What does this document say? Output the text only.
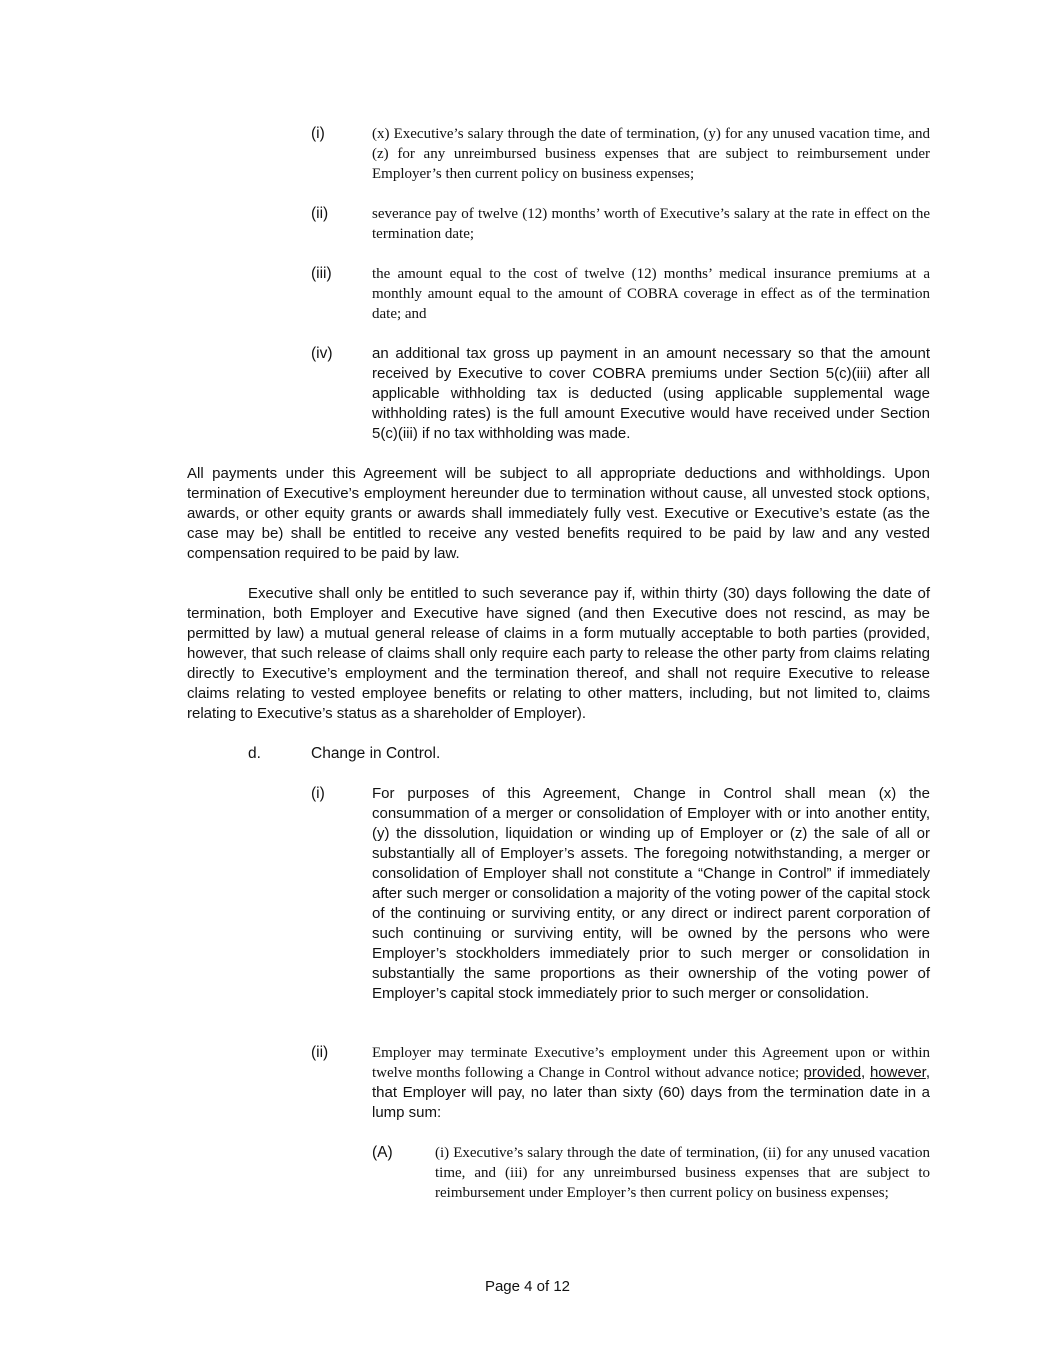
(i)	(x) Executive’s salary through the date of termination, (y) for any unused vacation time, and (z) for any unreimbursed business expenses that are subject to reimbursement under Employer’s then current policy on business expenses;
(ii)	severance pay of twelve (12) months’ worth of Executive’s salary at the rate in effect on the termination date;
(iii)	the amount equal to the cost of twelve (12) months’ medical insurance premiums at a monthly amount equal to the amount of COBRA coverage in effect as of the termination date; and
(iv)	an additional tax gross up payment in an amount necessary so that the amount received by Executive to cover COBRA premiums under Section 5(c)(iii) after all applicable withholding tax is deducted (using applicable supplemental wage withholding rates) is the full amount Executive would have received under Section 5(c)(iii) if no tax withholding was made.
All payments under this Agreement will be subject to all appropriate deductions and withholdings. Upon termination of Executive’s employment hereunder due to termination without cause, all unvested stock options, awards, or other equity grants or awards shall immediately fully vest. Executive or Executive’s estate (as the case may be) shall be entitled to receive any vested benefits required to be paid by law and any vested compensation required to be paid by law.
Executive shall only be entitled to such severance pay if, within thirty (30) days following the date of termination, both Employer and Executive have signed (and then Executive does not rescind, as may be permitted by law) a mutual general release of claims in a form mutually acceptable to both parties (provided, however, that such release of claims shall only require each party to release the other party from claims relating directly to Executive’s employment and the termination thereof, and shall not require Executive to release claims relating to vested employee benefits or relating to other matters, including, but not limited to, claims relating to Executive’s status as a shareholder of Employer).
d.	Change in Control.
(i)	For purposes of this Agreement, Change in Control shall mean (x) the consummation of a merger or consolidation of Employer with or into another entity, (y) the dissolution, liquidation or winding up of Employer or (z) the sale of all or substantially all of Employer’s assets. The foregoing notwithstanding, a merger or consolidation of Employer shall not constitute a “Change in Control” if immediately after such merger or consolidation a majority of the voting power of the capital stock of the continuing or surviving entity, or any direct or indirect parent corporation of such continuing or surviving entity, will be owned by the persons who were Employer’s stockholders immediately prior to such merger or consolidation in substantially the same proportions as their ownership of the voting power of Employer’s capital stock immediately prior to such merger or consolidation.
(ii)	Employer may terminate Executive’s employment under this Agreement upon or within twelve months following a Change in Control without advance notice; provided, however, that Employer will pay, no later than sixty (60) days from the termination date in a lump sum:
(A)	(i) Executive’s salary through the date of termination, (ii) for any unused vacation time, and (iii) for any unreimbursed business expenses that are subject to reimbursement under Employer’s then current policy on business expenses;
Page 4 of 12
